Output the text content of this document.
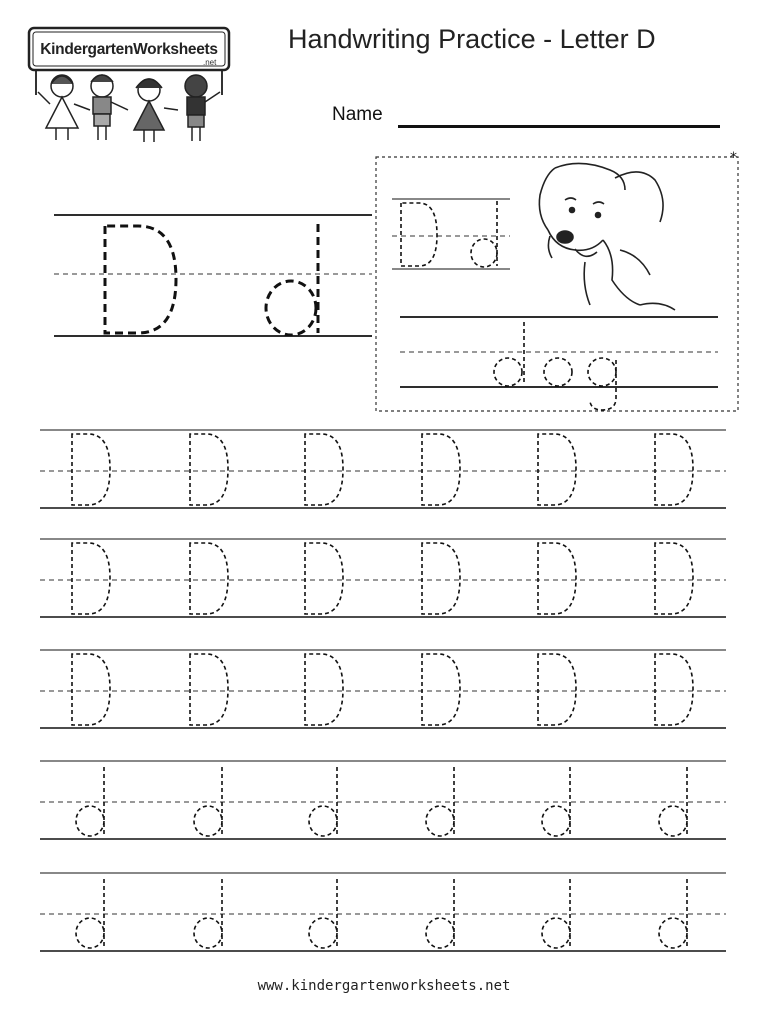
KindergartenWorksheets
.net
Handwriting Practice - Letter D
Name
*
www.kindergartenworksheets.net
